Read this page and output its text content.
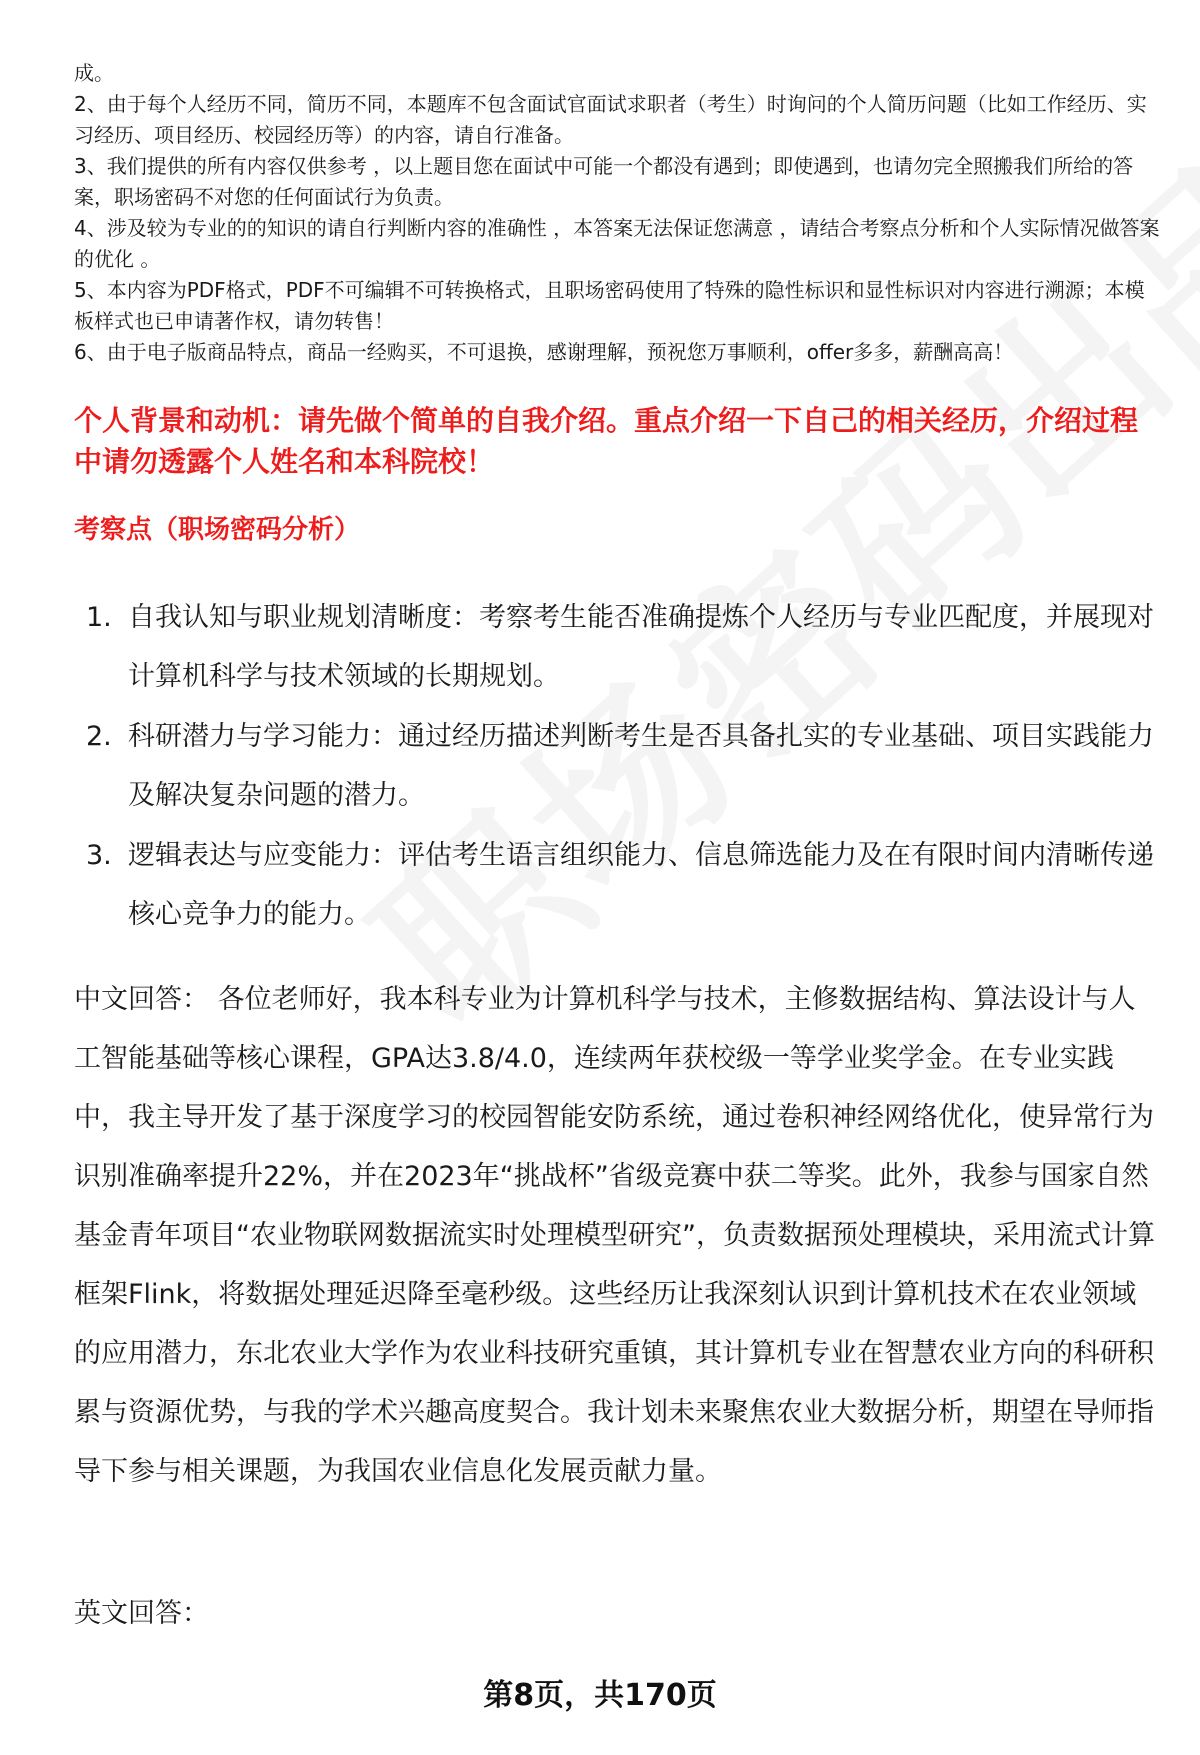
成。

2、由于每个人经历不同，简历不同，本题库不包含面试官面试求职者（考生）时询问的个人简历问题（比如工作经历、实习经历、项目经历、校园经历等）的内容，请自行准备。

3、我们提供的所有内容仅供参考 ，以上题目您在面试中可能一个都没有遇到；即使遇到，也请勿完全照搬我们所给的答案，职场密码不对您的任何面试行为负责。

4、涉及较为专业的的知识的请自行判断内容的准确性 ，本答案无法保证您满意 ，请结合考察点分析和个人实际情况做答案的优化 。

5、本内容为PDF格式，PDF不可编辑不可转换格式，且职场密码使用了特殊的隐性标识和显性标识对内容进行溯源；本模板样式也已申请著作权，请勿转售！

6、由于电子版商品特点，商品一经购买，不可退换，感谢理解，预祝您万事顺利，offer多多，薪酬高高！

个人背景和动机：请先做个简单的自我介绍。重点介绍一下自己的相关经历，介绍过程中请勿透露个人姓名和本科院校！

考察点（职场密码分析）

1. 自我认知与职业规划清晰度：考察考生能否准确提炼个人经历与专业匹配度，并展现对计算机科学与技术领域的长期规划。
2. 科研潜力与学习能力：通过经历描述判断考生是否具备扎实的专业基础、项目实践能力及解决复杂问题的潜力。
3. 逻辑表达与应变能力：评估考生语言组织能力、信息筛选能力及在有限时间内清晰传递核心竞争力的能力。

中文回答： 各位老师好，我本科专业为计算机科学与技术，主修数据结构、算法设计与人工智能基础等核心课程，GPA达3.8/4.0，连续两年获校级一等学业奖学金。在专业实践中，我主导开发了基于深度学习的校园智能安防系统，通过卷积神经网络优化，使异常行为识别准确率提升22%，并在2023年“挑战杯”省级竞赛中获二等奖。此外，我参与国家自然基金青年项目“农业物联网数据流实时处理模型研究”，负责数据预处理模块，采用流式计算框架Flink，将数据处理延迟降至毫秒级。这些经历让我深刻认识到计算机技术在农业领域的应用潜力，东北农业大学作为农业科技研究重镇，其计算机专业在智慧农业方向的科研积累与资源优势，与我的学术兴趣高度契合。我计划未来聚焦农业大数据分析，期望在导师指导下参与相关课题，为我国农业信息化发展贡献力量。

英文回答：

第8页，共170页
